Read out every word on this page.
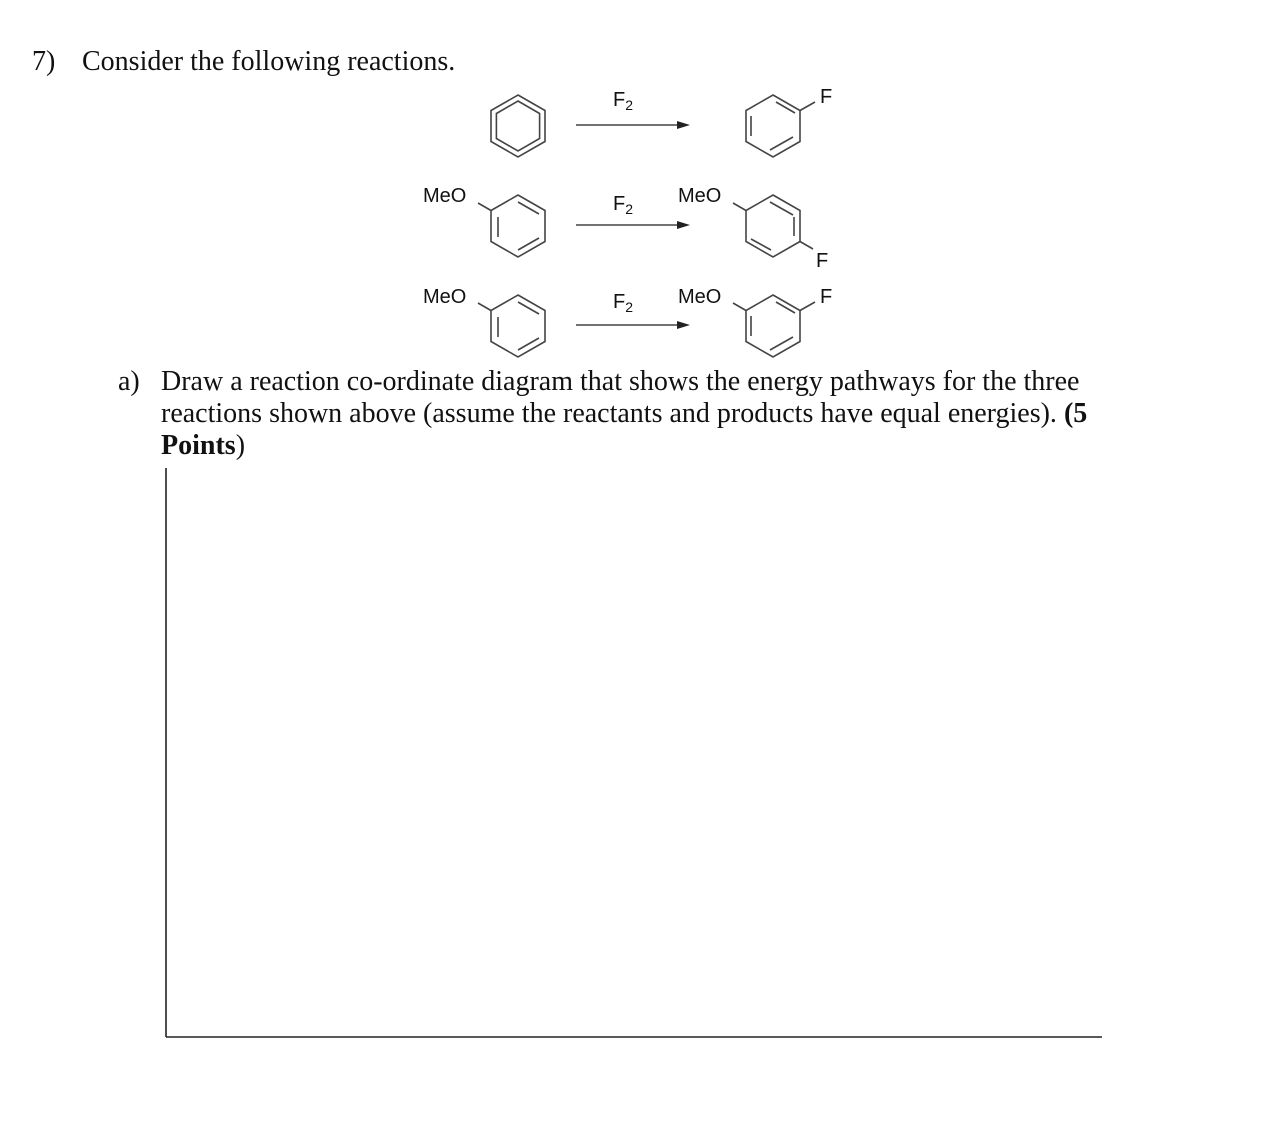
7) Consider the following reactions.
$F_2$
$F_2$
$F_2$
F
F
F
MeO	MeO
MeO	MeO
a) Draw a reaction co-ordinate diagram that shows the energy pathways for the three reactions shown above (assume the reactants and products have equal energies). (5
Points)
